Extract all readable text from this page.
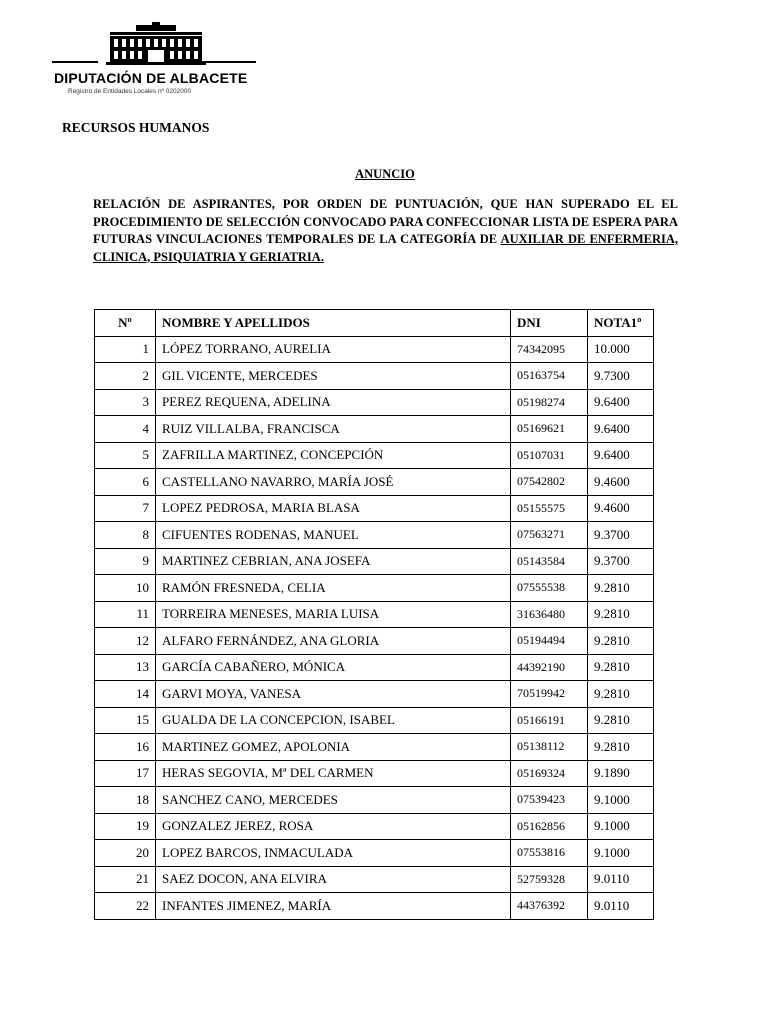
DIPUTACIÓN DE ALBACETE
Registro de Entidades Locales nº 0202000
RECURSOS HUMANOS
ANUNCIO
RELACIÓN DE ASPIRANTES, POR ORDEN DE PUNTUACIÓN, QUE HAN SUPERADO EL EL PROCEDIMIENTO DE SELECCIÓN CONVOCADO PARA CONFECCIONAR LISTA DE ESPERA PARA FUTURAS VINCULACIONES TEMPORALES DE LA CATEGORÍA DE AUXILIAR DE ENFERMERIA, CLINICA, PSIQUIATRIA Y GERIATRIA.
Nº	NOMBRE Y APELLIDOS	DNI	NOTA1º
1	LÓPEZ TORRANO, AURELIA	74342095	10.000
2	GIL VICENTE, MERCEDES	05163754	9.7300
3	PEREZ REQUENA, ADELINA	05198274	9.6400
4	RUIZ VILLALBA, FRANCISCA	05169621	9.6400
5	ZAFRILLA MARTINEZ, CONCEPCIÓN	05107031	9.6400
6	CASTELLANO NAVARRO, MARÍA JOSÉ	07542802	9.4600
7	LOPEZ PEDROSA, MARIA BLASA	05155575	9.4600
8	CIFUENTES RODENAS, MANUEL	07563271	9.3700
9	MARTINEZ CEBRIAN, ANA JOSEFA	05143584	9.3700
10	RAMÓN FRESNEDA, CELIA	07555538	9.2810
11	TORREIRA MENESES, MARIA LUISA	31636480	9.2810
12	ALFARO FERNÁNDEZ, ANA GLORIA	05194494	9.2810
13	GARCÍA CABAÑERO, MÓNICA	44392190	9.2810
14	GARVI MOYA, VANESA	70519942	9.2810
15	GUALDA DE LA CONCEPCION, ISABEL	05166191	9.2810
16	MARTINEZ GOMEZ, APOLONIA	05138112	9.2810
17	HERAS SEGOVIA, Mª DEL CARMEN	05169324	9.1890
18	SANCHEZ CANO, MERCEDES	07539423	9.1000
19	GONZALEZ JEREZ, ROSA	05162856	9.1000
20	LOPEZ BARCOS, INMACULADA	07553816	9.1000
21	SAEZ DOCON, ANA ELVIRA	52759328	9.0110
22	INFANTES JIMENEZ, MARÍA	44376392	9.0110
